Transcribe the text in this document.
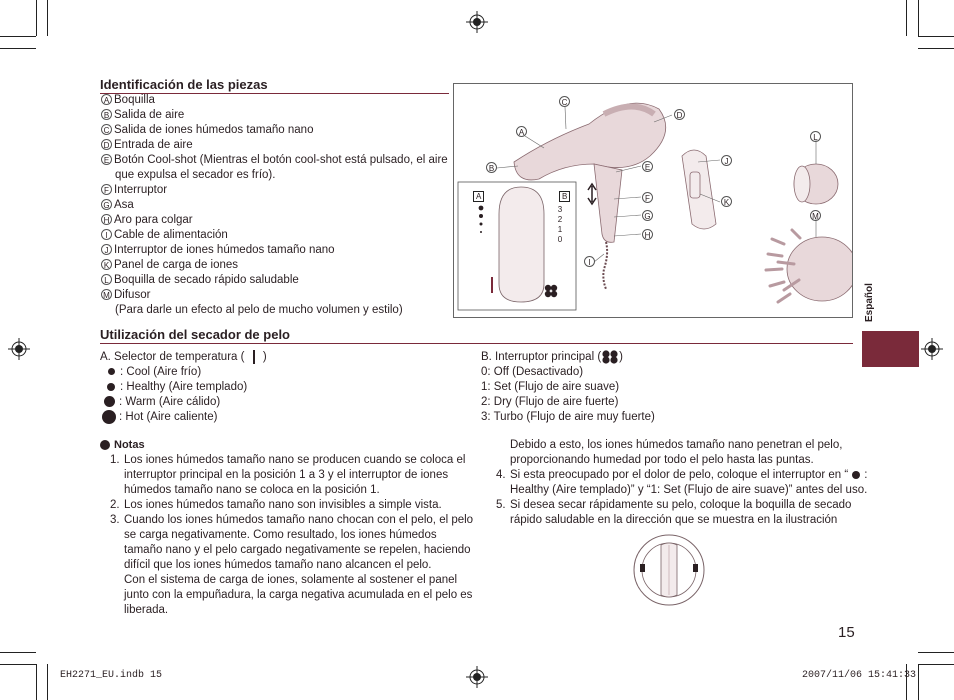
Identificación de las piezas
A Boquilla
B Salida de aire
C Salida de iones húmedos tamaño nano
D Entrada de aire
E Botón Cool-shot (Mientras el botón cool-shot está pulsado, el aire
que expulsa el secador es frío).
F Interruptor
G Asa
H Aro para colgar
I Cable de alimentación
J Interruptor de iones húmedos tamaño nano
K Panel de carga de iones
L Boquilla de secado rápido saludable
M Difusor
(Para darle un efecto al pelo de mucho volumen y estilo)
C
A
B
D
E
F
G
H
I
J
K
L
M
A	B
3
2
1
0
Utilización del secador de pelo
A. Selector de temperatura ( )
: Cool (Aire frío)
: Healthy (Aire templado)
: Warm (Aire cálido)
: Hot (Aire caliente)
B. Interruptor principal ( )
0: Off (Desactivado)
1: Set (Flujo de aire suave)
2: Dry (Flujo de aire fuerte)
3: Turbo (Flujo de aire muy fuerte)
Notas
1. Los iones húmedos tamaño nano se producen cuando se coloca el
interruptor principal en la posición 1 a 3 y el interruptor de iones
húmedos tamaño nano se coloca en la posición 1.
2. Los iones húmedos tamaño nano son invisibles a simple vista.
3. Cuando los iones húmedos tamaño nano chocan con el pelo, el pelo
se carga negativamente. Como resultado, los iones húmedos
tamaño nano y el pelo cargado negativamente se repelen, haciendo
difícil que los iones húmedos tamaño nano alcancen el pelo.
Con el sistema de carga de iones, solamente al sostener el panel
junto con la empuñadura, la carga negativa acumulada en el pelo es
liberada.
Debido a esto, los iones húmedos tamaño nano penetran el pelo,
proporcionando humedad por todo el pelo hasta las puntas.
4. Si esta preocupado por el dolor de pelo, coloque el interruptor en “ :
Healthy (Aire templado)” y “1: Set (Flujo de aire suave)” antes del uso.
5. Si desea secar rápidamente su pelo, coloque la boquilla de secado
rápido saludable en la dirección que se muestra en la ilustración
Español
15
EH2271_EU.indb 15	2007/11/06 15:41:33
